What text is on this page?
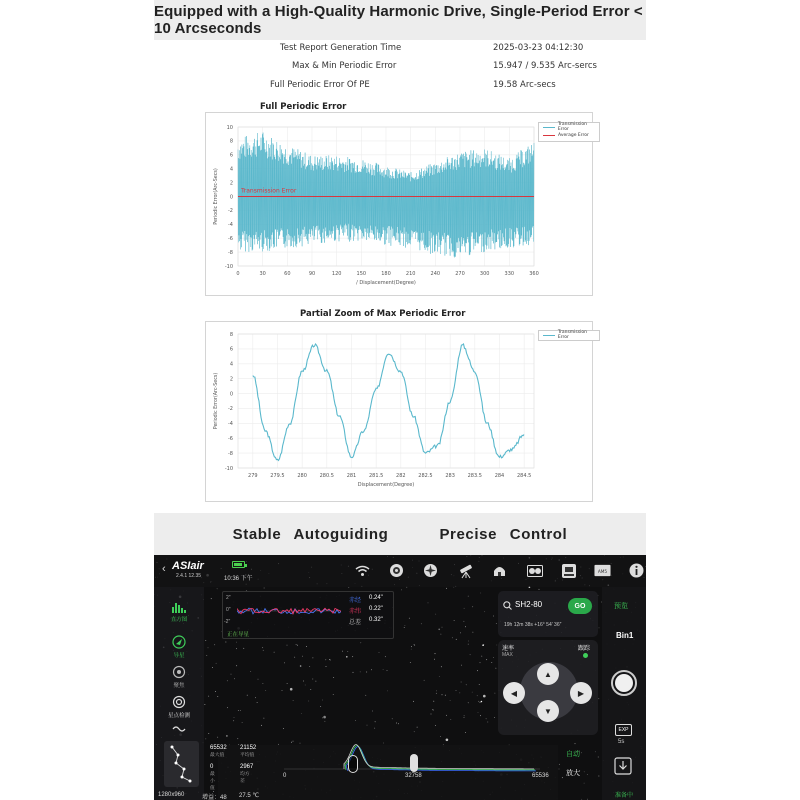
Equipped with a High-Quality Harmonic Drive, Single-Period Error < 10 Arcseconds
Test Report Generation Time	2025-03-23 04:12:30
Max & Min Periodic Error	15.947 / 9.535 Arc-sercs
Full Periodic Error Of PE	19.58 Arc-secs
Full Periodic Error
10
8
6
4
2
0
-2
-4
-6
-8
-10
0	30	60	90	120	150	180	210	240	270	300	330	360
/ Displacement(Degree)
Periodic Error(Arc-Secs)	Transmission Error
Transmission Error
Average Error
Partial Zoom of Max Periodic Error
8
6
4
2
0
-2
-4
-6
-8
-10
279	279.5	280	280.5	281	281.5	282	282.5	283	283.5	284	284.5
Displacement(Degree)
Periodic Error(Arc-Secs)
Transmission Error
Stable Autoguiding    Precise Control
‹ ASIair
2.4.1 12.35	10:36 下午
AM5
直方图
导星
聚焦
星点检测
2"
0"
-2"
正在导星
赤经 0.24"
赤纬 0.22"
总差 0.32"
SH2-80	GO
19h 12m 38s +16° 54′ 36″
速率
MAX
跟踪
▲
▼
◀	▶
预览
Bin1
EXP
5s
准备中
65532
最大值
21152
平均值
0
最小值
2967
均方差
0	32758	65536
自动
放大
1280x960	增益：48 27.5 ℃
